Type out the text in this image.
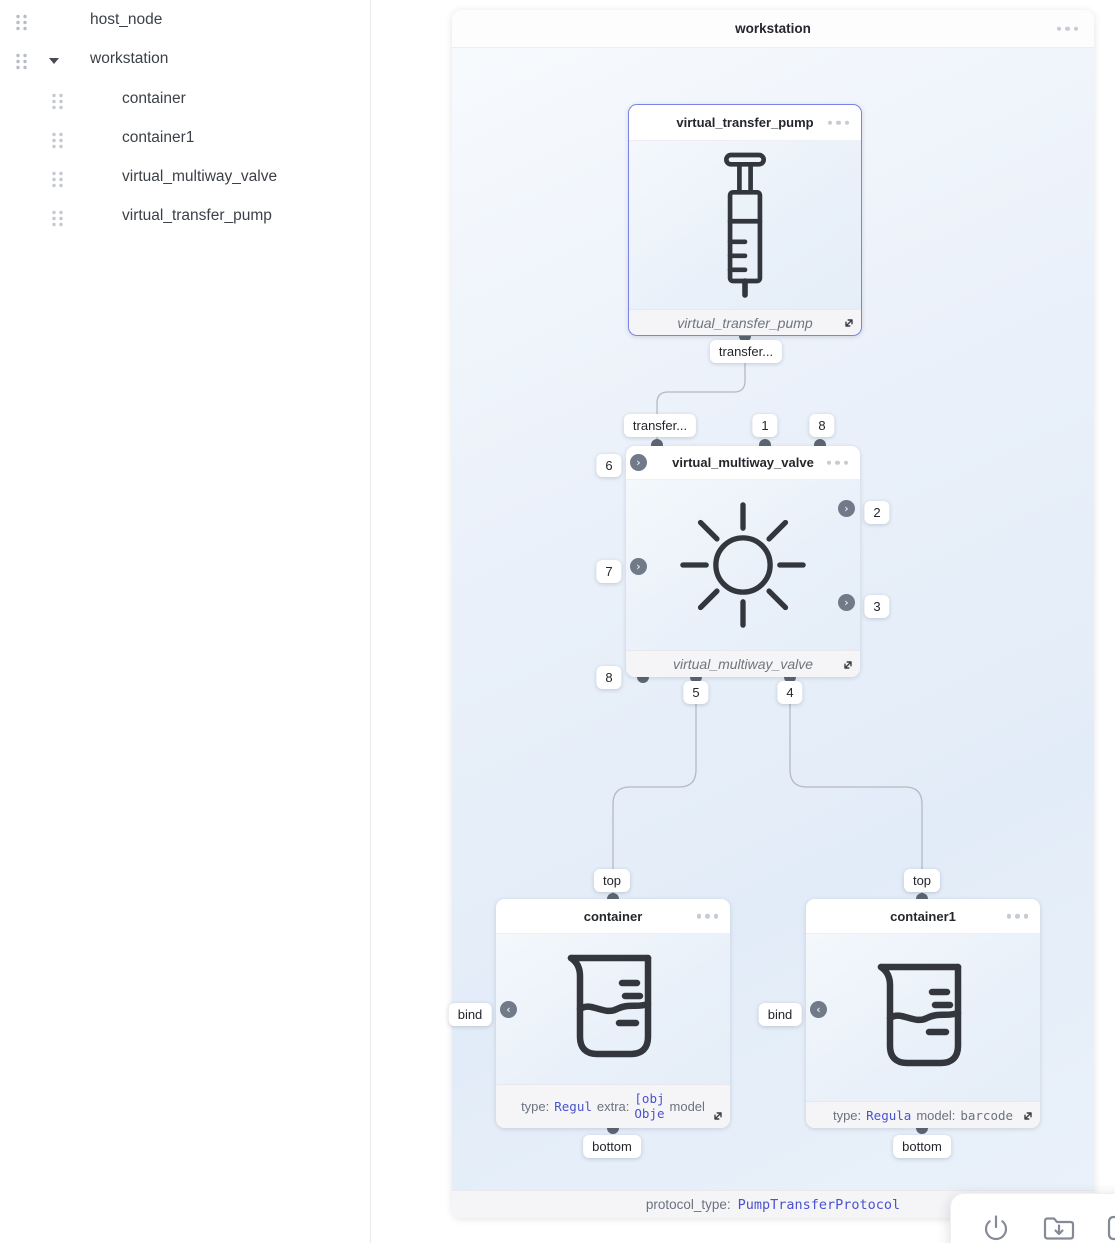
host_node
workstation
container
container1
virtual_multiway_valve
virtual_transfer_pump
workstation
protocol_type: PumpTransferProtocol
virtual_transfer_pump
virtual_transfer_pump
virtual_multiway_valve
virtual_multiway_valve
›
›
›
›
container
type: Regul extra:
[obj
Obje model
‹
container1
type: Regula model: barcode
‹
transfer...
transfer...	1	8
6
7
8
2
3
5	4
top
bind
bottom
top
bind
bottom
